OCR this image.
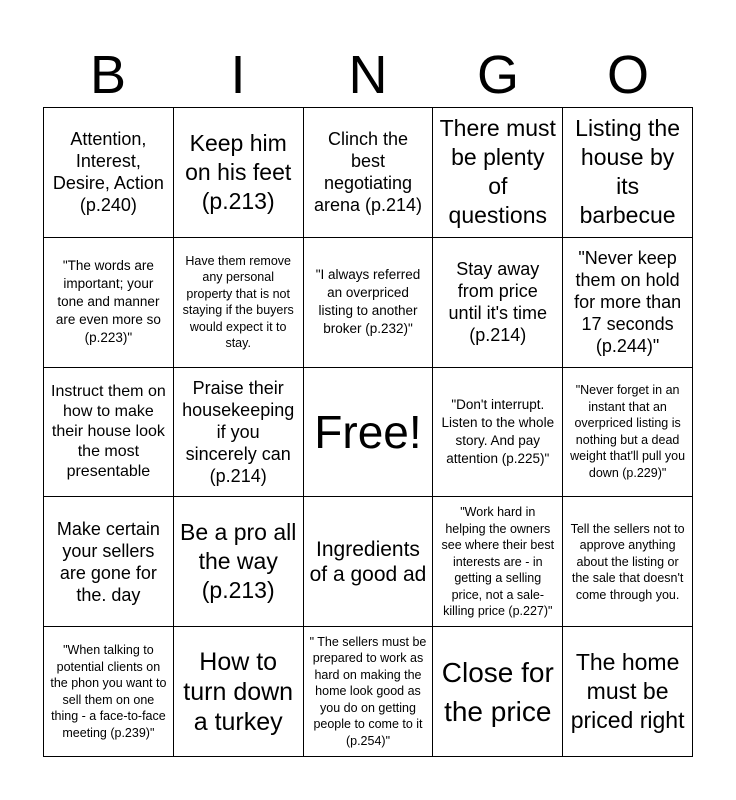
B	I	N	G	O
Attention, Interest, Desire, Action (p.240)
Keep him on his feet (p.213)
Clinch the best negotiating arena (p.214)
There must be plenty of questions
Listing the house by its barbecue
"The words are important; your tone and manner are even more so (p.223)"
Have them remove any personal property that is not staying if the buyers would expect it to stay.
"I always referred an overpriced listing to another broker (p.232)"
Stay away from price until it's time (p.214)
"Never keep them on hold for more than 17 seconds (p.244)"
Instruct them on how to make their house look the most presentable
Praise their housekeeping if you sincerely can (p.214)
Free!
"Don't interrupt. Listen to the whole story. And pay attention (p.225)"
"Never forget in an instant that an overpriced listing is nothing but a dead weight that'll pull you down (p.229)"
Make certain your sellers are gone for the. day
Be a pro all the way (p.213)
Ingredients of a good ad
"Work hard in helping the owners see where their best interests are - in getting a selling price, not a sale-killing price (p.227)"
Tell the sellers not to approve anything about the listing or the sale that doesn't come through you.
"When talking to potential clients on the phon you want to sell them on one thing - a face-to-face meeting (p.239)"
How to turn down a turkey
" The sellers must be prepared to work as hard on making the home look good as you do on getting people to come to it (p.254)"
Close for the price
The home must be priced right
